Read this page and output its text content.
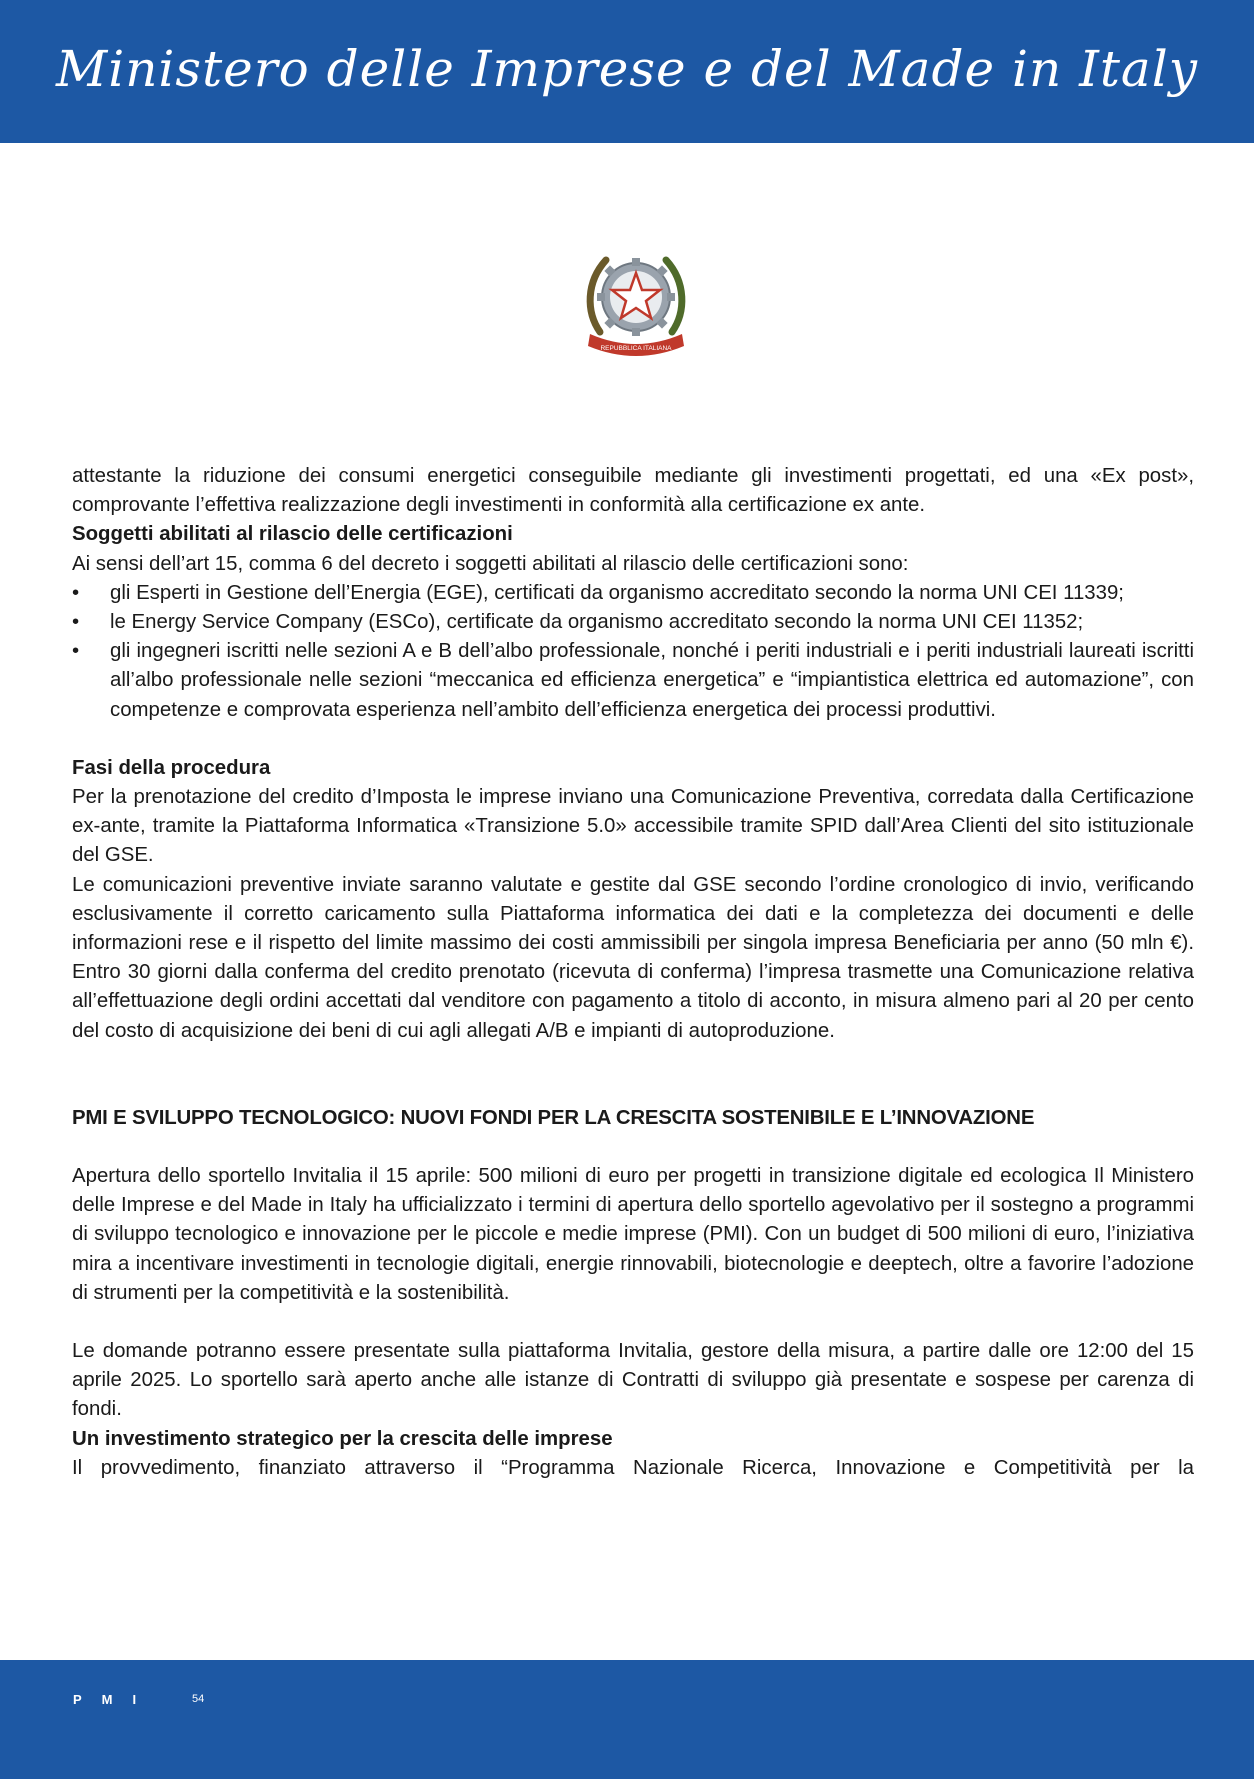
Ministero delle Imprese e del Made in Italy
REPUBBLICA ITALIANA

attestante la riduzione dei consumi energetici conseguibile mediante gli investimenti progettati, ed una «Ex post», comprovante l’effettiva realizzazione degli investimenti in conformità alla certificazione ex ante.

Soggetti abilitati al rilascio delle certificazioni

Ai sensi dell’art 15, comma 6 del decreto i soggetti abilitati al rilascio delle certificazioni sono:

• gli Esperti in Gestione dell’Energia (EGE), certificati da organismo accreditato secondo la norma UNI CEI 11339;
• le Energy Service Company (ESCo), certificate da organismo accreditato secondo la norma UNI CEI 11352;
• gli ingegneri iscritti nelle sezioni A e B dell’albo professionale, nonché i periti industriali e i periti industriali laureati iscritti all’albo professionale nelle sezioni “meccanica ed efficienza energetica” e “impiantistica elettrica ed automazione”, con competenze e comprovata esperienza nell’ambito dell’efficienza energetica dei processi produttivi.
Fasi della procedura

Per la prenotazione del credito d’Imposta le imprese inviano una Comunicazione Preventiva, corredata dalla Certificazione ex-ante, tramite la Piattaforma Informatica «Transizione 5.0» accessibile tramite SPID dall’Area Clienti del sito istituzionale del GSE.

Le comunicazioni preventive inviate saranno valutate e gestite dal GSE secondo l’ordine cronologico di invio, verificando esclusivamente il corretto caricamento sulla Piattaforma informatica dei dati e la completezza dei documenti e delle informazioni rese e il rispetto del limite massimo dei costi ammissibili per singola impresa Beneficiaria per anno (50 mln €). Entro 30 giorni dalla conferma del credito prenotato (ricevuta di conferma) l’impresa trasmette una Comunicazione relativa all’effettuazione degli ordini accettati dal venditore con pagamento a titolo di acconto, in misura almeno pari al 20 per cento del costo di acquisizione dei beni di cui agli allegati A/B e impianti di autoproduzione.

PMI E SVILUPPO TECNOLOGICO: NUOVI FONDI PER LA CRESCITA SOSTENIBILE E L’INNOVAZIONE

Apertura dello sportello Invitalia il 15 aprile: 500 milioni di euro per progetti in transizione digitale ed ecologica Il Ministero delle Imprese e del Made in Italy ha ufficializzato i termini di apertura dello sportello agevolativo per il sostegno a programmi di sviluppo tecnologico e innovazione per le piccole e medie imprese (PMI). Con un budget di 500 milioni di euro, l’iniziativa mira a incentivare investimenti in tecnologie digitali, energie rinnovabili, biotecnologie e deeptech, oltre a favorire l’adozione di strumenti per la competitività e la sostenibilità.

Le domande potranno essere presentate sulla piattaforma Invitalia, gestore della misura, a partire dalle ore 12:00 del 15 aprile 2025. Lo sportello sarà aperto anche alle istanze di Contratti di sviluppo già presentate e sospese per carenza di fondi.

Un investimento strategico per la crescita delle imprese

Il provvedimento, finanziato attraverso il “Programma Nazionale Ricerca, Innovazione e Competitività per la

PMI	54
